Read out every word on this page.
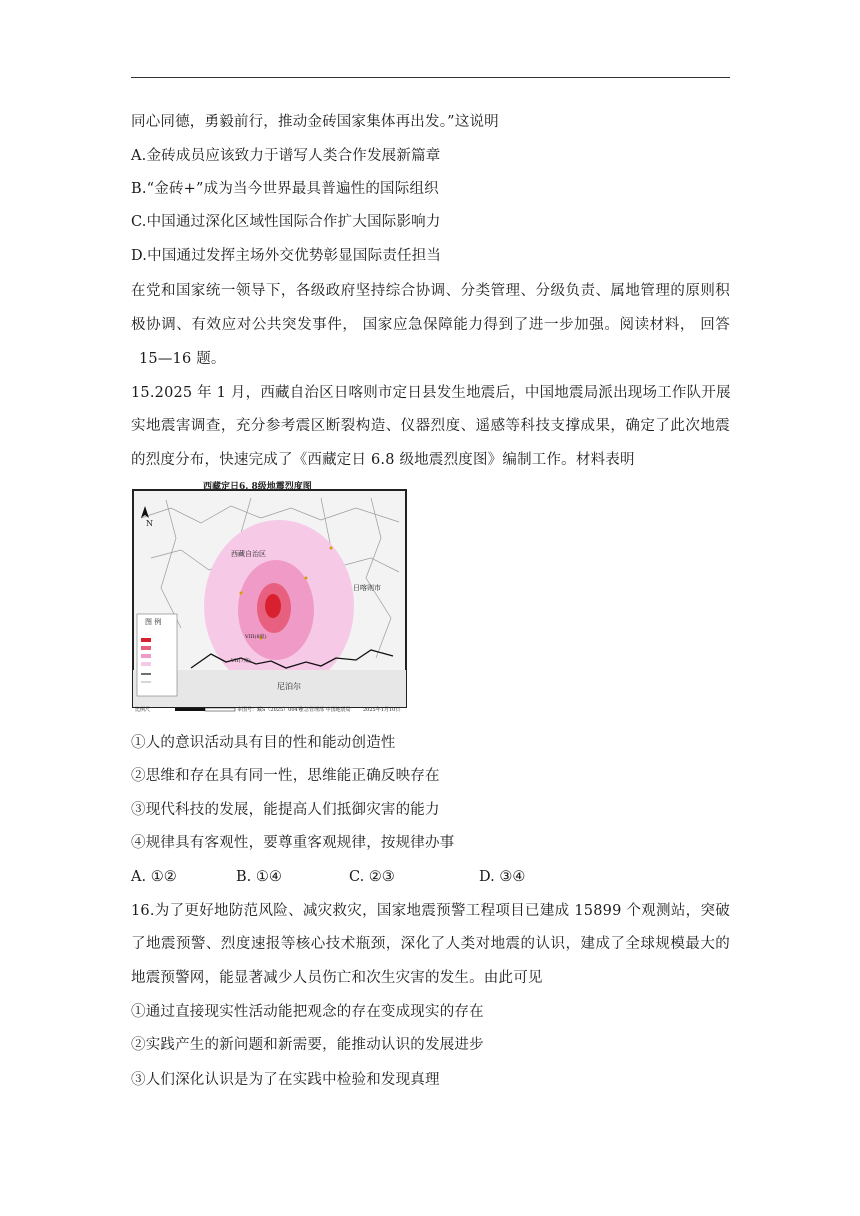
同心同德，勇毅前行，推动金砖国家集体再出发。”这说明
A.金砖成员应该致力于谱写人类合作发展新篇章
B.“金砖+”成为当今世界最具普遍性的国际组织
C.中国通过深化区域性国际合作扩大国际影响力
D.中国通过发挥主场外交优势彰显国际责任担当
在党和国家统一领导下，各级政府坚持综合协调、分类管理、分级负责、属地管理的原则积
极协调、有效应对公共突发事件， 国家应急保障能力得到了进一步加强。阅读材料， 回答
15—16 题。
15.2025 年 1 月，西藏自治区日喀则市定日县发生地震后，中国地震局派出现场工作队开展
实地震害调查，充分参考震区断裂构造、仪器烈度、遥感等科技支撑成果，确定了此次地震
的烈度分布，快速完成了《西藏定日 6.8 级地震烈度图》编制工作。材料表明
西藏定日6. 8级地震烈度图
N
西藏自治区
日喀则市
尼泊尔
图 例
VIII(8度)
VII(7度)
比例尺	审图号：藏S（2025）004号
应急管理部 中国地震局 2025年1月10日
①人的意识活动具有目的性和能动创造性
②思维和存在具有同一性，思维能正确反映存在
③现代科技的发展，能提高人们抵御灾害的能力
④规律具有客观性，要尊重客观规律，按规律办事
A. ①②	B. ①④	C. ②③	D. ③④
16.为了更好地防范风险、减灾救灾，国家地震预警工程项目已建成 15899 个观测站，突破
了地震预警、烈度速报等核心技术瓶颈，深化了人类对地震的认识，建成了全球规模最大的
地震预警网，能显著减少人员伤亡和次生灾害的发生。由此可见
①通过直接现实性活动能把观念的存在变成现实的存在
②实践产生的新问题和新需要，能推动认识的发展进步
③人们深化认识是为了在实践中检验和发现真理
